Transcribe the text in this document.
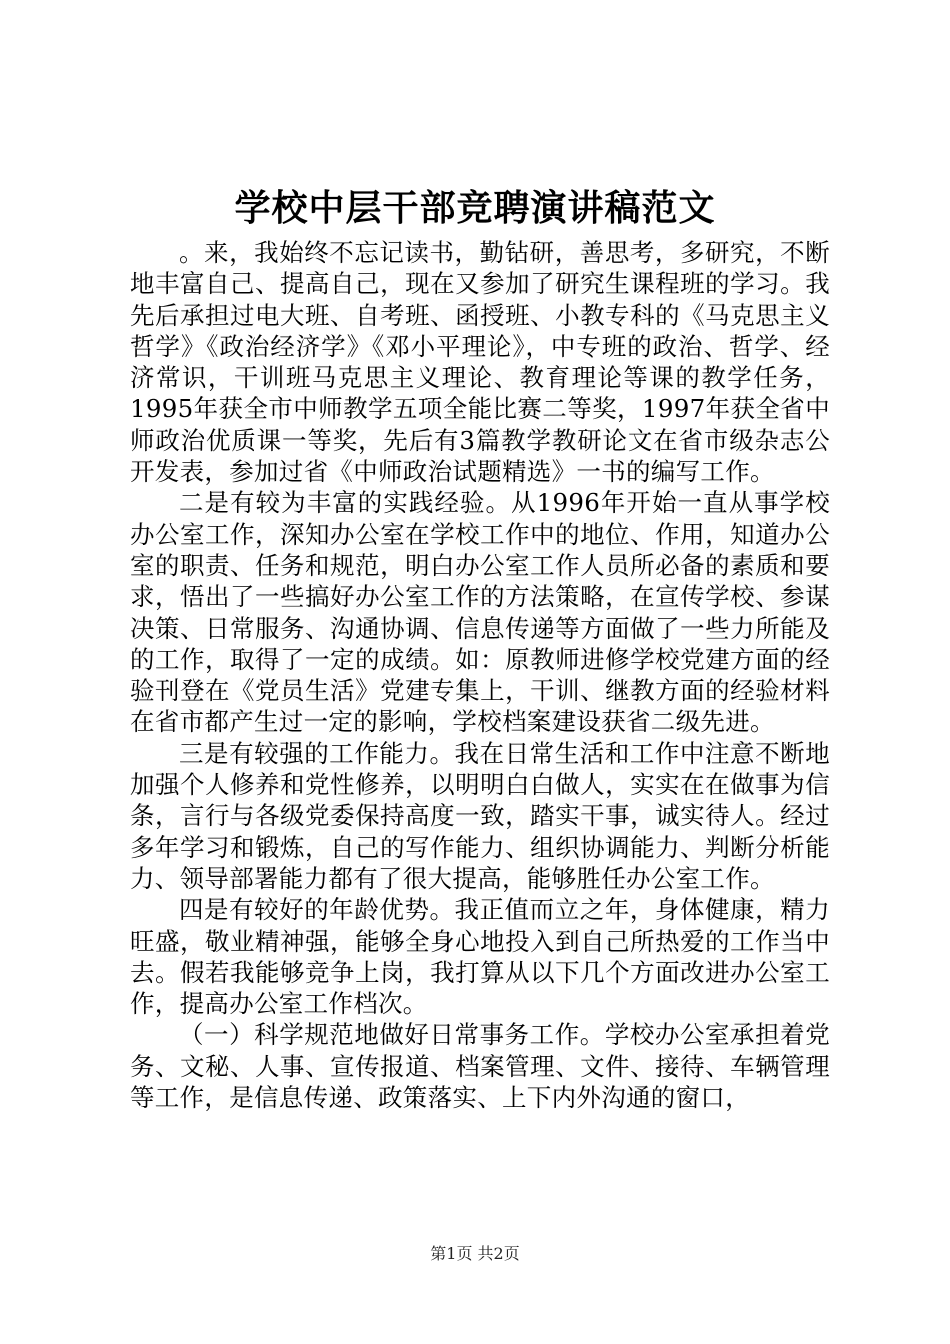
学校中层干部竞聘演讲稿范文

。来，我始终不忘记读书，勤钻研，善思考，多研究，不断地丰富自己、提高自己，现在又参加了研究生课程班的学习。我先后承担过电大班、自考班、函授班、小教专科的《马克思主义哲学》《政治经济学》《邓小平理论》，中专班的政治、哲学、经济常识，干训班马克思主义理论、教育理论等课的教学任务，1995年获全市中师教学五项全能比赛二等奖，1997年获全省中师政治优质课一等奖，先后有3篇教学教研论文在省市级杂志公开发表，参加过省《中师政治试题精选》一书的编写工作。

二是有较为丰富的实践经验。从1996年开始一直从事学校办公室工作，深知办公室在学校工作中的地位、作用，知道办公室的职责、任务和规范，明白办公室工作人员所必备的素质和要求，悟出了一些搞好办公室工作的方法策略，在宣传学校、参谋决策、日常服务、沟通协调、信息传递等方面做了一些力所能及的工作，取得了一定的成绩。如：原教师进修学校党建方面的经验刊登在《党员生活》党建专集上，干训、继教方面的经验材料在省市都产生过一定的影响，学校档案建设获省二级先进。

三是有较强的工作能力。我在日常生活和工作中注意不断地加强个人修养和党性修养，以明明白白做人，实实在在做事为信条，言行与各级党委保持高度一致，踏实干事，诚实待人。经过多年学习和锻炼，自己的写作能力、组织协调能力、判断分析能力、领导部署能力都有了很大提高，能够胜任办公室工作。

四是有较好的年龄优势。我正值而立之年，身体健康，精力旺盛，敬业精神强，能够全身心地投入到自己所热爱的工作当中去。假若我能够竞争上岗，我打算从以下几个方面改进办公室工作，提高办公室工作档次。

（一）科学规范地做好日常事务工作。学校办公室承担着党务、文秘、人事、宣传报道、档案管理、文件、接待、车辆管理等工作，是信息传递、政策落实、上下内外沟通的窗口，

第1页 共2页
